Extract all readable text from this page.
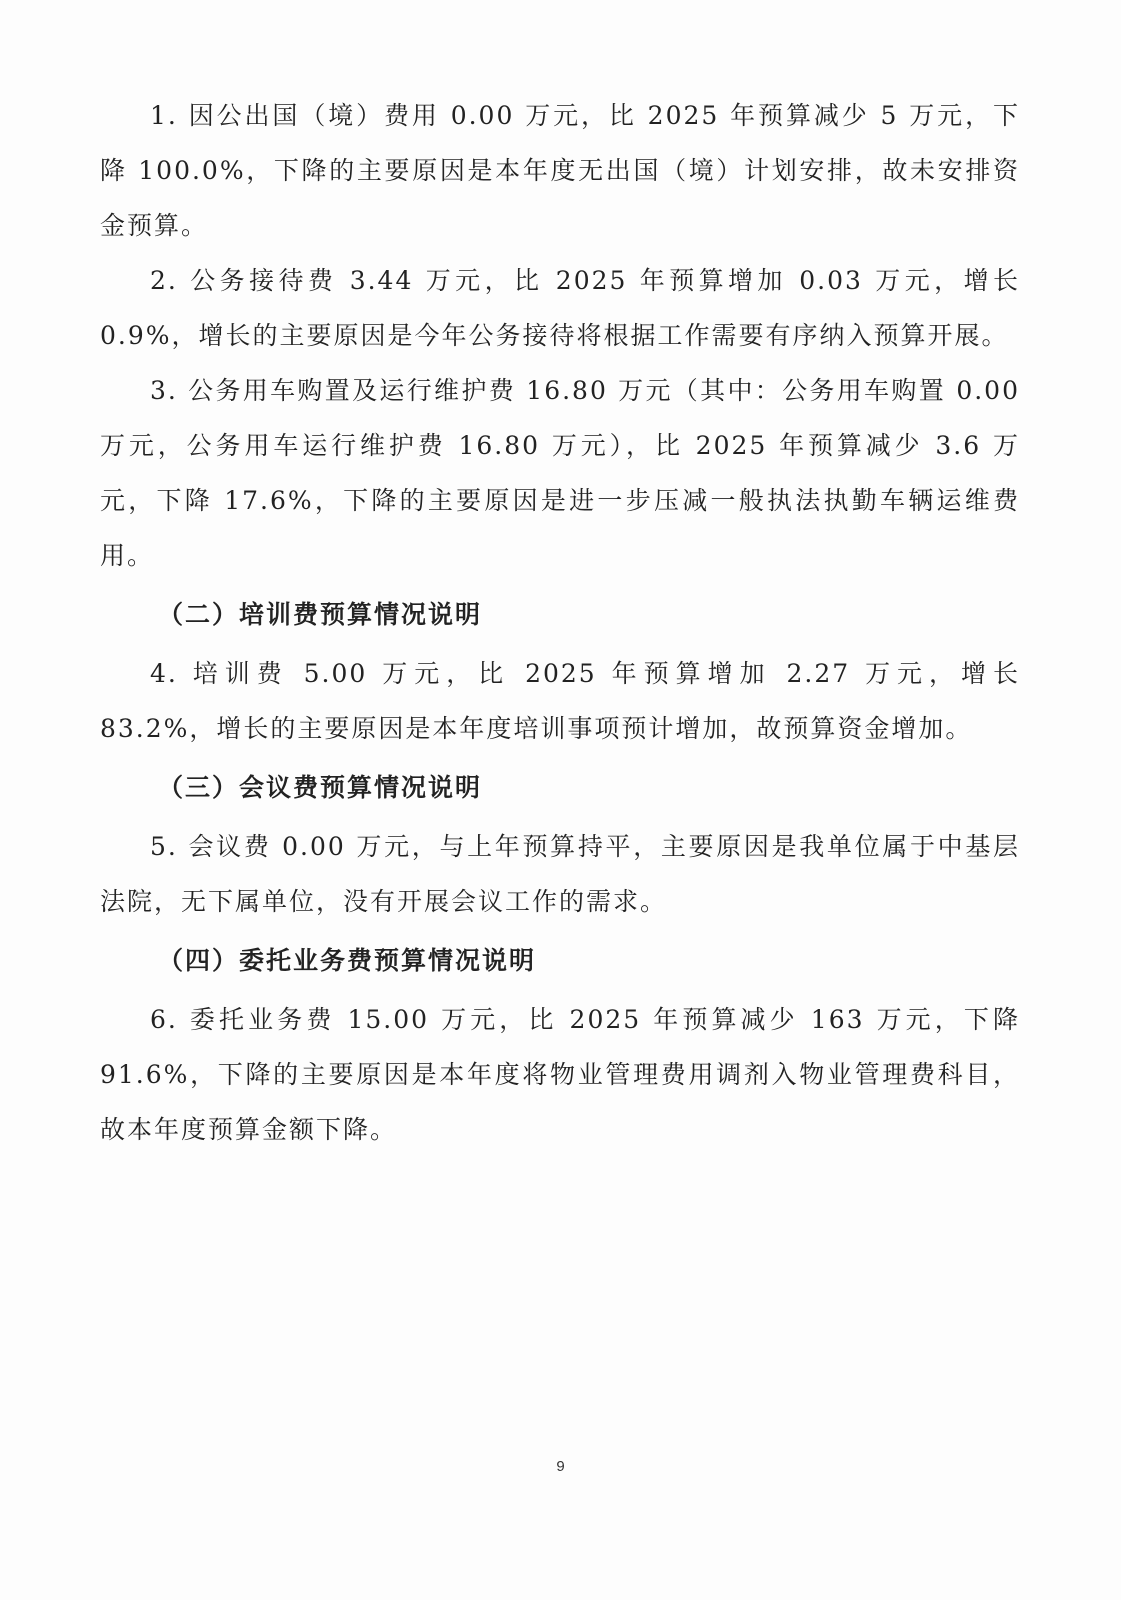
1. 因公出国（境）费用 0.00 万元，比 2025 年预算减少 5 万元，下降 100.0%，下降的主要原因是本年度无出国（境）计划安排，故未安排资金预算。

2. 公务接待费 3.44 万元，比 2025 年预算增加 0.03 万元，增长 0.9%，增长的主要原因是今年公务接待将根据工作需要有序纳入预算开展。

3. 公务用车购置及运行维护费 16.80 万元（其中：公务用车购置 0.00 万元，公务用车运行维护费 16.80 万元），比 2025 年预算减少 3.6 万元，下降 17.6%，下降的主要原因是进一步压减一般执法执勤车辆运维费用。

（二）培训费预算情况说明

4. 培训费 5.00 万元，比 2025 年预算增加 2.27 万元，增长 83.2%，增长的主要原因是本年度培训事项预计增加，故预算资金增加。

（三）会议费预算情况说明

5. 会议费 0.00 万元，与上年预算持平，主要原因是我单位属于中基层法院，无下属单位，没有开展会议工作的需求。

（四）委托业务费预算情况说明

6. 委托业务费 15.00 万元，比 2025 年预算减少 163 万元，下降 91.6%，下降的主要原因是本年度将物业管理费用调剂入物业管理费科目，故本年度预算金额下降。

9
